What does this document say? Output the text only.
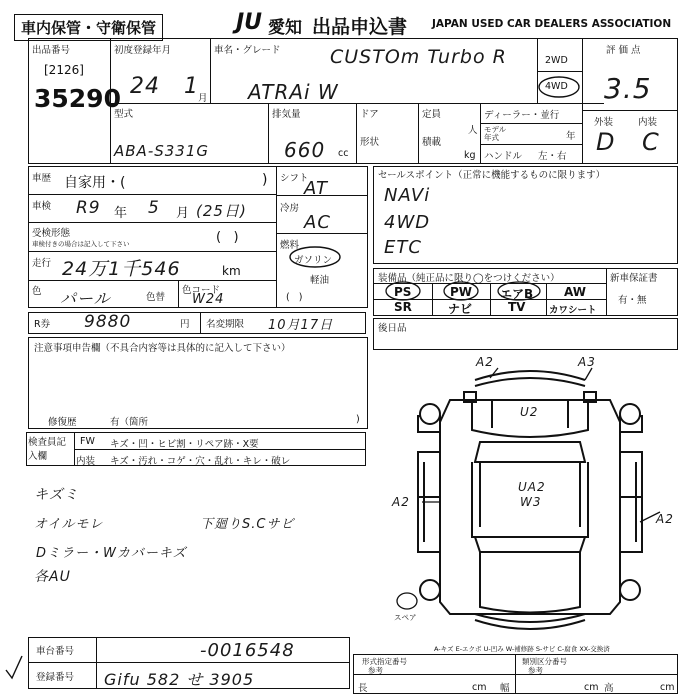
車内保管・守衛保管	JU 愛知 出品申込書 JAPAN USED CAR DEALERS ASSOCIATION
出品番号
[2126]
35290
初度登録年月
24 1 月
車名・グレード	CUSTOm Turbo R
ATRAi W
2WD
4WD
評価点
3.5
外装	内装
D C
型式
ABA-S331G
排気量
660 cc
ドア
形状
定員
人
積載
kg
ディーラー・並行
モデル年式	年
ハンドル 左・右
車歴 自家用・(	)
車検 R9 年 5 月 (25日)
受検形態
車検付きの場合は記入して下さい	(   )
走行 24万1千546	km
色 パール	色替
色コード
W24
シフト
AT
冷房
AC
燃料
ガソリン
軽油
(   )
セールスポイント（正常に機能するものに限ります）
NAVi
4WD
ETC
装備品（純正品に限り◯をつけください）
PS	PW エアB	AW
SR	ナビ	TV カワシート
新車保証書
有・無
R券 9880	円 名変期限 10月17日	後日品
注意事項申告欄（不具合内容等は具体的に記入して下さい）
修復歴	有（箇所	)
検査員記入欄
FW キズ・凹・ヒビ割・リペア跡・X要
内装 キズ・汚れ・コゲ・穴・乱れ・キレ・破レ
キズミ
オイルモレ
Dミラー・Wカバーキズ
各AU
下廻りS.Cサビ
A2	A3
U2
UA2
W3
A2
A2
スペア
A-キズ E-エクボ U-凹み W-補修跡 S-サビ C-腐食 XX-交換済
車台番号	-0016548
登録番号 Gifu 582 せ 3905
形式指定番号
参考
類別区分番号
参考
長	cm 幅	cm 高	cm
